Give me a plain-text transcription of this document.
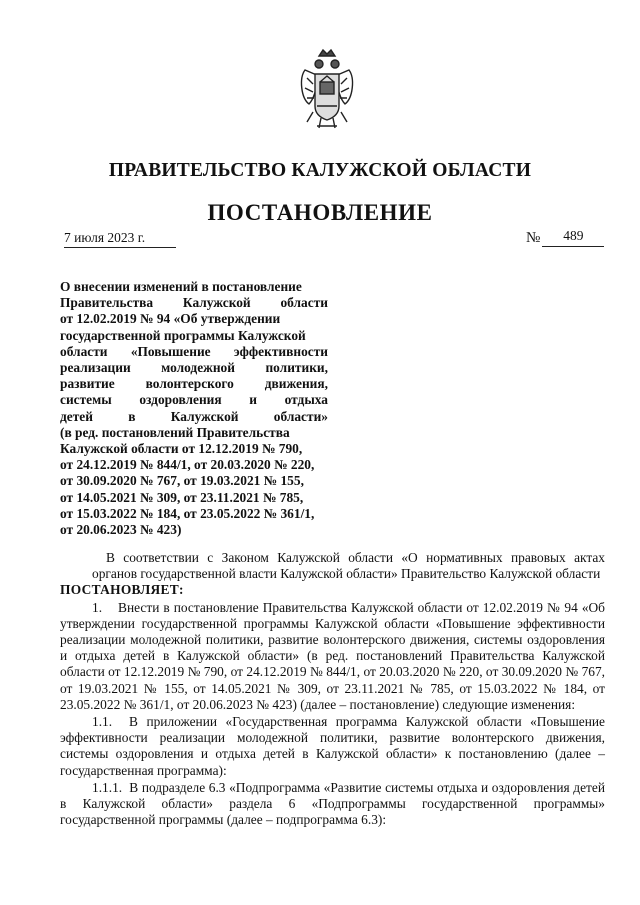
ПРАВИТЕЛЬСТВО КАЛУЖСКОЙ ОБЛАСТИ
ПОСТАНОВЛЕНИЕ
7 июля 2023 г.	№	489
О внесении изменений в постановление
Правительства Калужской области
от 12.02.2019 № 94 «Об утверждении
государственной программы Калужской
области «Повышение эффективности
реализации молодежной политики,
развитие волонтерского движения,
системы оздоровления и отдыха
детей в Калужской области»
(в ред. постановлений Правительства
Калужской области от 12.12.2019 № 790,
от 24.12.2019 № 844/1, от 20.03.2020 № 220,
от 30.09.2020 № 767, от 19.03.2021 № 155,
от 14.05.2021 № 309, от 23.11.2021 № 785,
от 15.03.2022 № 184, от 23.05.2022 № 361/1,
от 20.06.2023 № 423)

В соответствии с Законом Калужской области «О нормативных правовых актах органов государственной власти Калужской области» Правительство Калужской области

ПОСТАНОВЛЯЕТ:

1.    Внести в постановление Правительства Калужской области от 12.02.2019 № 94 «Об утверждении государственной программы Калужской области «Повышение эффективности реализации молодежной политики, развитие волонтерского движения, системы оздоровления и отдыха детей в Калужской области» (в ред. постановлений Правительства Калужской области от 12.12.2019 № 790, от 24.12.2019 № 844/1, от 20.03.2020 № 220, от 30.09.2020 № 767, от 19.03.2021 № 155, от 14.05.2021 № 309, от 23.11.2021 № 785, от 15.03.2022 № 184, от 23.05.2022 № 361/1, от 20.06.2023 № 423) (далее – постановление) следующие изменения:

1.1.  В приложении «Государственная программа Калужской области «Повышение эффективности реализации молодежной политики, развитие волонтерского движения, системы оздоровления и отдыха детей в Калужской области» к постановлению (далее – государственная программа):

1.1.1.  В подразделе 6.3 «Подпрограмма «Развитие системы отдыха и оздоровления детей в Калужской области» раздела 6 «Подпрограммы государственной программы» государственной программы (далее – подпрограмма 6.3):
